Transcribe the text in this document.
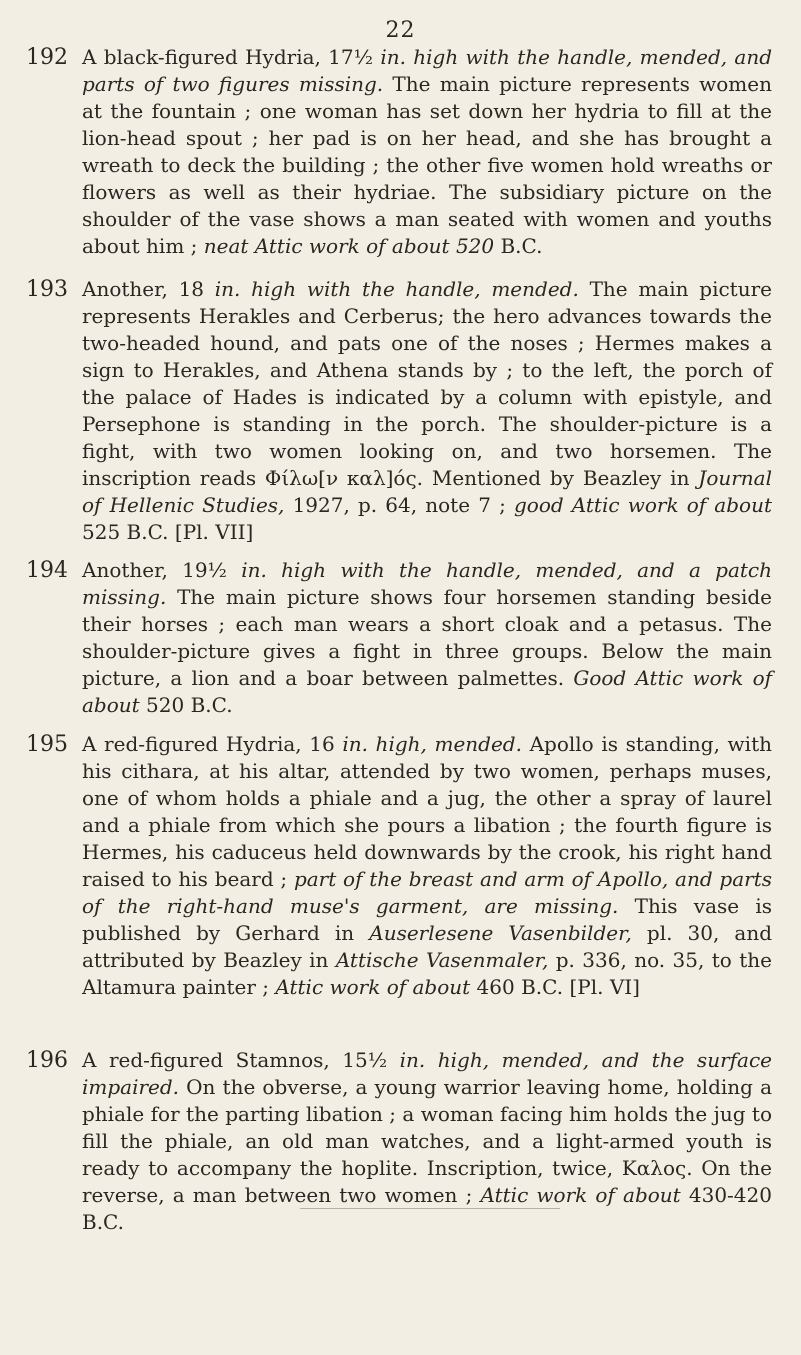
22
192 A black-figured Hydria, 17½ in. high with the handle, mended, and parts of two figures missing. The main picture represents women at the fountain ; one woman has set down her hydria to fill at the lion-head spout ; her pad is on her head, and she has brought a wreath to deck the building ; the other five women hold wreaths or flowers as well as their hydriae. The subsidiary picture on the shoulder of the vase shows a man seated with women and youths about him ; neat Attic work of about 520 B.C.
193 Another, 18 in. high with the handle, mended. The main picture represents Herakles and Cerberus; the hero advances towards the two-headed hound, and pats one of the noses ; Hermes makes a sign to Herakles, and Athena stands by ; to the left, the porch of the palace of Hades is indicated by a column with epistyle, and Persephone is standing in the porch. The shoulder-picture is a fight, with two women looking on, and two horsemen. The inscription reads Φίλω[ν καλ]ός. Mentioned by Beazley in Journal of Hellenic Studies, 1927, p. 64, note 7 ; good Attic work of about 525 B.C. [Pl. VII]
194 Another, 19½ in. high with the handle, mended, and a patch missing. The main picture shows four horsemen standing beside their horses ; each man wears a short cloak and a petasus. The shoulder-picture gives a fight in three groups. Below the main picture, a lion and a boar between palmettes. Good Attic work of about 520 B.C.
195 A red-figured Hydria, 16 in. high, mended. Apollo is standing, with his cithara, at his altar, attended by two women, perhaps muses, one of whom holds a phiale and a jug, the other a spray of laurel and a phiale from which she pours a libation ; the fourth figure is Hermes, his caduceus held downwards by the crook, his right hand raised to his beard ; part of the breast and arm of Apollo, and parts of the right-hand muse's garment, are missing. This vase is published by Gerhard in Auserlesene Vasenbilder, pl. 30, and attributed by Beazley in Attische Vasenmaler, p. 336, no. 35, to the Altamura painter ; Attic work of about 460 B.C. [Pl. VI]
196 A red-figured Stamnos, 15½ in. high, mended, and the surface impaired. On the obverse, a young warrior leaving home, holding a phiale for the parting libation ; a woman facing him holds the jug to fill the phiale, an old man watches, and a light-armed youth is ready to accompany the hoplite. Inscription, twice, Καλος. On the reverse, a man between two women ; Attic work of about 430-420 B.C.
